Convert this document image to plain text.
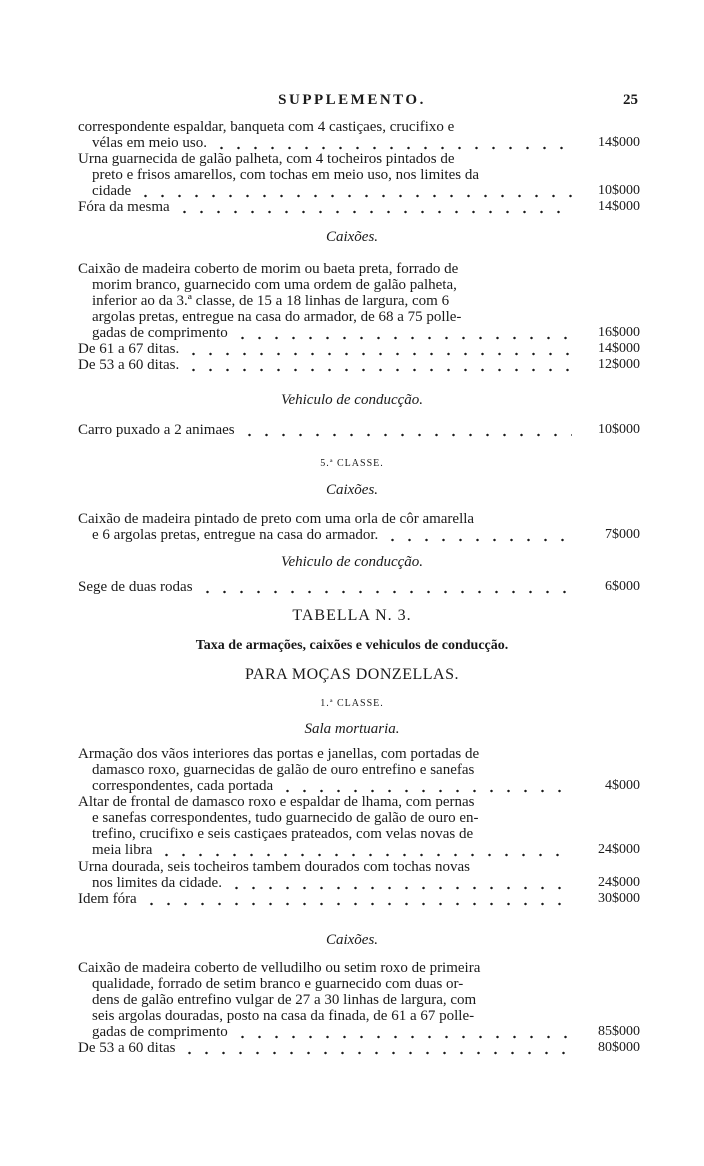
SUPPLEMENTO.	25
correspondente espaldar, banqueta com 4 castiçaes, crucifixo e
vélas em meio uso.	14$000
Urna guarnecida de galão palheta, com 4 tocheiros pintados de
preto e frisos amarellos, com tochas em meio uso, nos limites da
cidade	10$000
Fóra da mesma	14$000
Caixões.
Caixão de madeira coberto de morim ou baeta preta, forrado de
morim branco, guarnecido com uma ordem de galão palheta,
inferior ao da 3.ª classe, de 15 a 18 linhas de largura, com 6
argolas pretas, entregue na casa do armador, de 68 a 75 polle-
gadas de comprimento	16$000
De 61 a 67 ditas.	14$000
De 53 a 60 ditas.	12$000
Vehiculo de conducção.
Carro puxado a 2 animaes	10$000
5.ª CLASSE.
Caixões.
Caixão de madeira pintado de preto com uma orla de côr amarella
e 6 argolas pretas, entregue na casa do armador.	7$000
Vehiculo de conducção.
Sege de duas rodas	6$000
TABELLA N. 3.
Taxa de armações, caixões e vehiculos de conducção.
PARA MOÇAS DONZELLAS.
1.ª CLASSE.
Sala mortuaria.
Armação dos vãos interiores das portas e janellas, com portadas de
damasco roxo, guarnecidas de galão de ouro entrefino e sanefas
correspondentes, cada portada	4$000
Altar de frontal de damasco roxo e espaldar de lhama, com pernas
e sanefas correspondentes, tudo guarnecido de galão de ouro en-
trefino, crucifixo e seis castiçaes prateados, com velas novas de
meia libra	24$000
Urna dourada, seis tocheiros tambem dourados com tochas novas
nos limites da cidade.	24$000
Idem fóra	30$000
Caixões.
Caixão de madeira coberto de velludilho ou setim roxo de primeira
qualidade, forrado de setim branco e guarnecido com duas or-
dens de galão entrefino vulgar de 27 a 30 linhas de largura, com
seis argolas douradas, posto na casa da finada, de 61 a 67 polle-
gadas de comprimento	85$000
De 53 a 60 ditas	80$000
